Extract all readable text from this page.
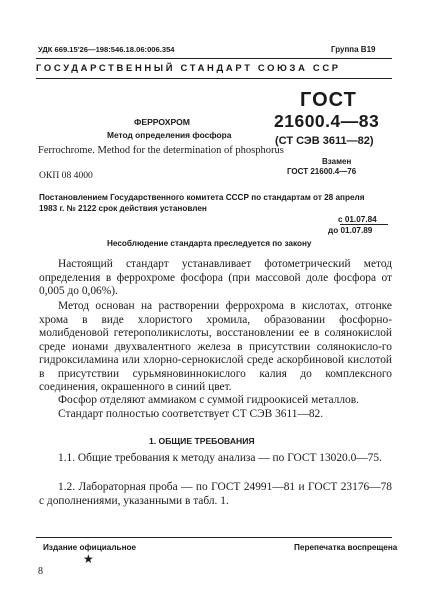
УДК 669.15'26—198:546.18.06:006.354	Группа В19
ГОСУДАРСТВЕННЫЙ СТАНДАРТ СОЮЗА ССР
ГОСТ
21600.4—83
(СТ СЭВ 3611—82)
ФЕРРОХРОМ
Метод определения фосфора
Ferrochrome. Method for the determination of phosphorus
Взамен
ГОСТ 21600.4—76
ОКП 08 4000
Постановлением Государственного комитета СССР по стандартам от 28 апреля
1983 г. № 2122 срок действия установлен
с 01.07.84
до 01.07.89
Несоблюдение стандарта преследуется по закону
Настоящий стандарт устанавливает фотометрический метод определения в феррохроме фосфора (при массовой доле фосфора от 0,005 до 0,06%).
Метод основан на растворении феррохрома в кислотах, отгонке хрома в виде хлористого хромила, образовании фосфорно-молибденовой гетерополикислоты, восстановлении ее в солянокислой среде ионами двухвалентного железа в присутствии солянокисло-го гидроксиламина или хлорно-сернокислой среде аскорбиновой кислотой в присутствии сурьмяновиннокислого калия до комплексного соединения, окрашенного в синий цвет.
Фосфор отделяют аммиаком с суммой гидроокисей металлов.
Стандарт полностью соответствует СТ СЭВ 3611—82.
1. ОБЩИЕ ТРЕБОВАНИЯ
1.1. Общие требования к методу анализа — по ГОСТ 13020.0—75.
1.2. Лабораторная проба — по ГОСТ 24991—81 и ГОСТ 23176—78 с дополнениями, указанными в табл. 1.
Издание официальное	Перепечатка воспрещена
★
8
